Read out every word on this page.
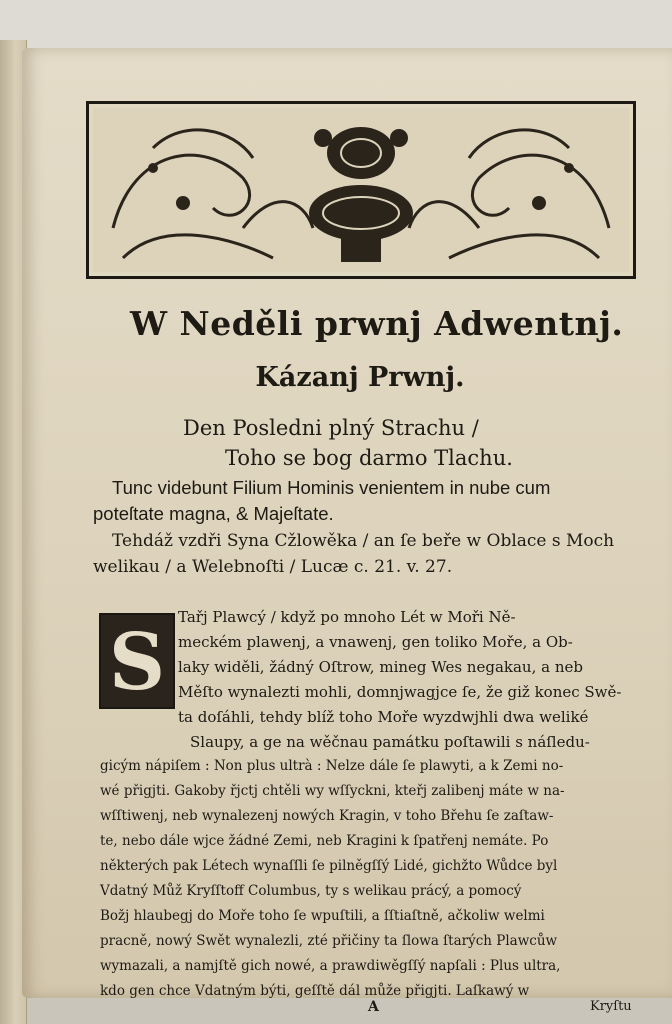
W Neděli prwnj Adwentnj.
Kázanj Prwnj.
Den Posledni plný Strachu /
Toho se bog darmo Tlachu.
Tunc videbunt Filium Hominis venientem in nube cum
poteſtate magna, & Majeſtate.
Tehdáž vzdři Syna Cžlowěka / an ſe beře w Oblace s Moch
welikau / a Welebnoſti / Lucæ c. 21. v. 27.
S Tařj Plawcý / když po mnoho Lét w Moři Ně-
meckém plawenj, a vnawenj, gen toliko Moře, a Ob-
laky widěli, žádný Oſtrow, mineg Wes negakau, a neb
Měſto wynalezti mohli, domnjwagjce ſe, že giž konec Swě-
ta doſáhli, tehdy blíž toho Moře wyzdwjhli dwa weliké
Slaupy, a ge na wěčnau památku poſtawili s náſledu-
gicým nápiſem : Non plus ultrà : Nelze dále ſe plawyti, a k Zemi no-
wé přigjti. Gakoby řjctj chtěli wy wſſyckni, kteřj zalibenj máte w na-
wſſtiwenj, neb wynalezenj nowých Kragin, v toho Břehu ſe zaſtaw-
te, nebo dále wjce žádné Zemi, neb Kragini k ſpatřenj nemáte. Po
některých pak Létech wynaſſli ſe pilněgſſý Lidé, gichžto Wůdce byl
Vdatný Můž Kryſſtoff Columbus, ty s welikau prácý, a pomocý
Božj hlaubegj do Moře toho ſe wpuſtili, a ſſtiaſtně, ačkoliw welmi
pracně, nowý Swět wynalezli, zté přičiny ta ſlowa ſtarých Plawcůw
wymazali, a namjſtě gich nowé, a prawdiwěgſſý napſali : Plus ultra,
kdo gen chce Vdatným býti, geſſtě dál může přigjti. Laſkawý w
Kryſtu
A
